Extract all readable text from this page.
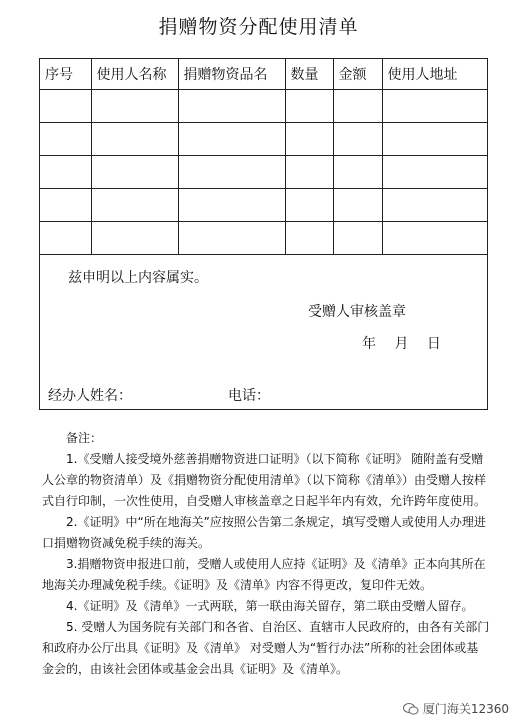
捐赠物资分配使用清单
序号	使用人名称	捐赠物资品名	数量	金额	使用人地址

兹申明以上内容属实。
受赠人审核盖章
年 月 日
经办人姓名：	电话：

备注：

1.《受赠人接受境外慈善捐赠物资进口证明》（以下简称《证明》 随附盖有受赠人公章的物资清单）及《捐赠物资分配使用清单》（以下简称《清单》）由受赠人按样式自行印制，一次性使用，自受赠人审核盖章之日起半年内有效，允许跨年度使用。

2.《证明》中“所在地海关”应按照公告第二条规定，填写受赠人或使用人办理进口捐赠物资减免税手续的海关。

3.捐赠物资申报进口前，受赠人或使用人应持《证明》及《清单》正本向其所在地海关办理减免税手续。《证明》及《清单》内容不得更改，复印件无效。

4.《证明》及《清单》一式两联，第一联由海关留存，第二联由受赠人留存。

5. 受赠人为国务院有关部门和各省、自治区、直辖市人民政府的，由各有关部门和政府办公厅出具《证明》及《清单》 对受赠人为“暂行办法”所称的社会团体或基金会的，由该社会团体或基金会出具《证明》及《清单》。

厦门海关12360
